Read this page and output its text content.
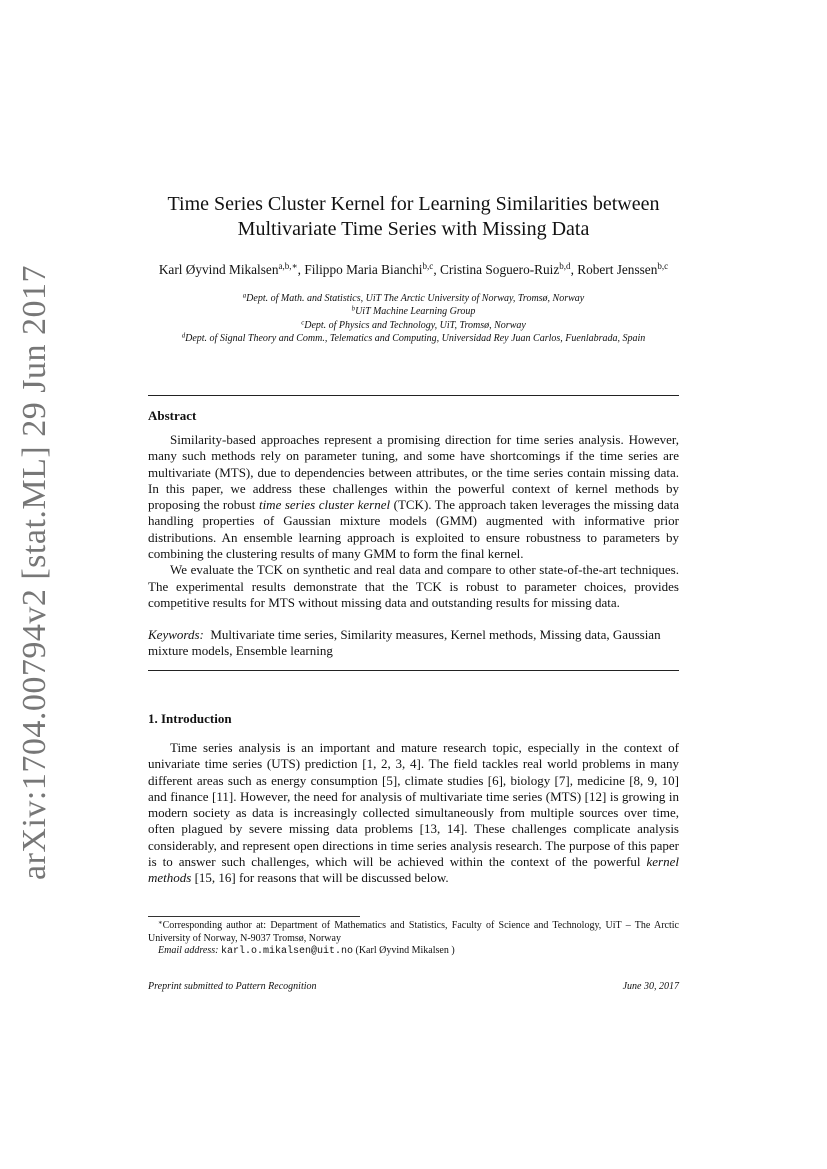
arXiv:1704.00794v2 [stat.ML] 29 Jun 2017
Time Series Cluster Kernel for Learning Similarities between
Multivariate Time Series with Missing Data
Karl Øyvind Mikalsen$^{a,b,∗}$, Filippo Maria Bianchi$^{b,c}$, Cristina Soguero-Ruiz$^{b,d}$, Robert Jenssen$^{b,c}$
$^a$Dept. of Math. and Statistics, UiT The Arctic University of Norway, Tromsø, Norway
$^b$UiT Machine Learning Group
$^c$Dept. of Physics and Technology, UiT, Tromsø, Norway
$^d$Dept. of Signal Theory and Comm., Telematics and Computing, Universidad Rey Juan Carlos, Fuenlabrada, Spain
Abstract

Similarity-based approaches represent a promising direction for time series analysis. However, many such methods rely on parameter tuning, and some have shortcomings if the time series are multivariate (MTS), due to dependencies between attributes, or the time series contain missing data. In this paper, we address these challenges within the powerful context of kernel methods by proposing the robust time series cluster kernel (TCK). The approach taken leverages the missing data handling properties of Gaussian mixture models (GMM) augmented with informative prior distributions. An ensemble learning approach is exploited to ensure robustness to parameters by combining the clustering results of many GMM to form the final kernel.

We evaluate the TCK on synthetic and real data and compare to other state-of-the-art techniques. The experimental results demonstrate that the TCK is robust to parameter choices, provides competitive results for MTS without missing data and outstanding results for missing data.

Keywords: Multivariate time series, Similarity measures, Kernel methods, Missing data, Gaussian mixture models, Ensemble learning
1. Introduction

Time series analysis is an important and mature research topic, especially in the context of univariate time series (UTS) prediction [1, 2, 3, 4]. The field tackles real world problems in many different areas such as energy consumption [5], climate studies [6], biology [7], medicine [8, 9, 10] and finance [11]. However, the need for analysis of multivariate time series (MTS) [12] is growing in modern society as data is increasingly collected simultaneously from multiple sources over time, often plagued by severe missing data problems [13, 14]. These challenges complicate analysis considerably, and represent open directions in time series analysis research. The purpose of this paper is to answer such challenges, which will be achieved within the context of the powerful kernel methods [15, 16] for reasons that will be discussed below.

∗Corresponding author at: Department of Mathematics and Statistics, Faculty of Science and Technology, UiT – The Arctic University of Norway, N-9037 Tromsø, Norway

Email address: karl.o.mikalsen@uit.no (Karl Øyvind Mikalsen )

Preprint submitted to Pattern Recognition	June 30, 2017
